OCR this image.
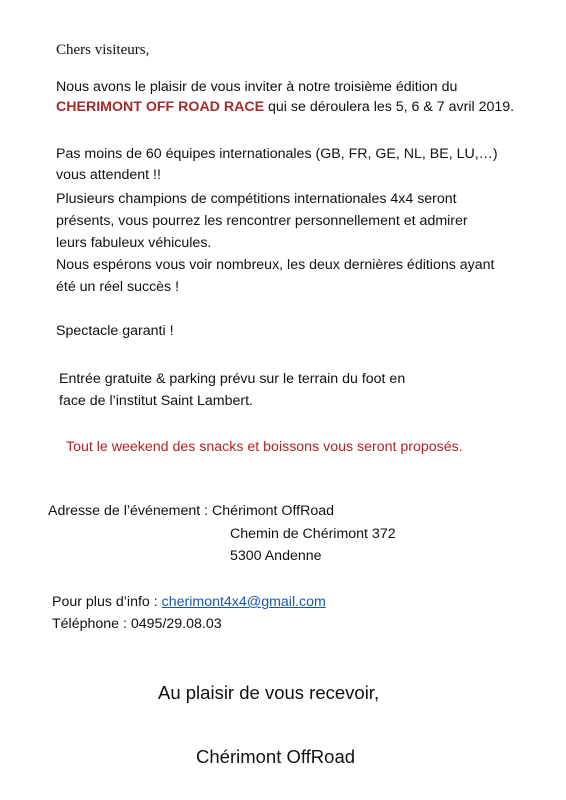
Chers visiteurs,
Nous avons le plaisir de vous inviter à notre troisième édition du
CHERIMONT OFF ROAD RACE qui se déroulera les 5, 6 & 7 avril 2019.
Pas moins de 60 équipes internationales (GB, FR, GE, NL, BE, LU,…)
vous attendent !!
Plusieurs champions de compétitions internationales 4x4 seront
présents, vous pourrez les rencontrer personnellement et admirer
leurs fabuleux véhicules.
Nous espérons vous voir nombreux, les deux dernières éditions ayant
été un réel succès !
Spectacle garanti !
Entrée gratuite & parking prévu sur le terrain du foot en
face de l’institut Saint Lambert.
Tout le weekend des snacks et boissons vous seront proposés.
Adresse de l’événement : Chérimont OffRoad
Chemin de Chérimont 372
5300 Andenne
Pour plus d’info : cherimont4x4@gmail.com
Téléphone : 0495/29.08.03
Au plaisir de vous recevoir,
Chérimont OffRoad
